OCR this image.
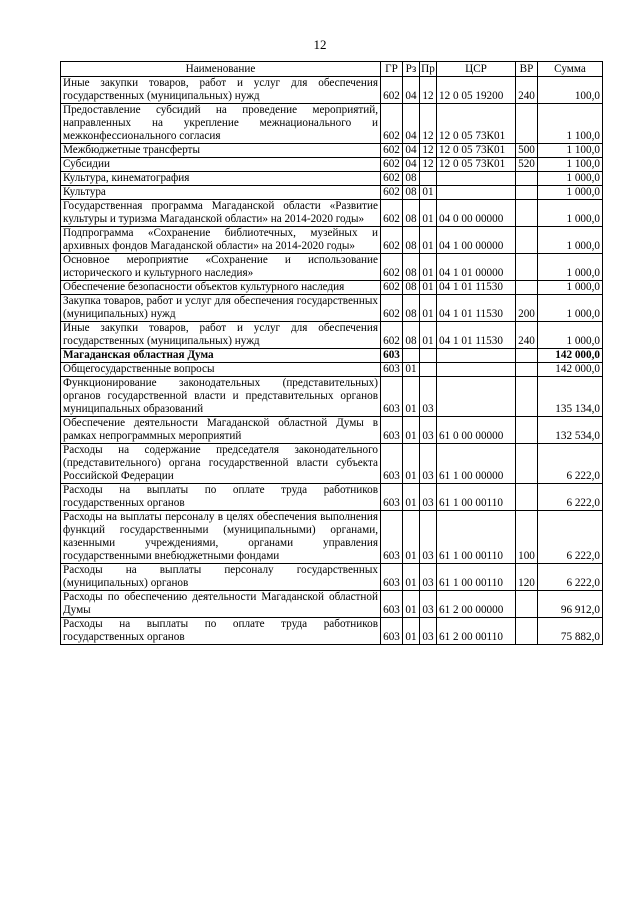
12
Наименование	ГР	Рз	Пр	ЦСР	ВР	Сумма
Иные закупки товаров, работ и услуг для обеспечения государственных (муниципальных) нужд	602	04	12	12 0 05 19200	240	100,0
Предоставление субсидий на проведение мероприятий, направленных на укрепление межнационального и межконфессионального согласия	602	04	12	12 0 05 73К01		1 100,0
Межбюджетные трансферты	602	04	12	12 0 05 73К01	500	1 100,0
Субсидии	602	04	12	12 0 05 73К01	520	1 100,0
Культура, кинематография	602	08				1 000,0
Культура	602	08	01			1 000,0
Государственная программа Магаданской области «Развитие культуры и туризма Магаданской области» на 2014-2020 годы»	602	08	01	04 0 00 00000		1 000,0
Подпрограмма «Сохранение библиотечных, музейных и архивных фондов Магаданской области» на 2014-2020 годы»	602	08	01	04 1 00 00000		1 000,0
Основное мероприятие «Сохранение и использование исторического и культурного наследия»	602	08	01	04 1 01 00000		1 000,0
Обеспечение безопасности объектов культурного наследия	602	08	01	04 1 01 11530		1 000,0
Закупка товаров, работ и услуг для обеспечения государственных (муниципальных) нужд	602	08	01	04 1 01 11530	200	1 000,0
Иные закупки товаров, работ и услуг для обеспечения государственных (муниципальных) нужд	602	08	01	04 1 01 11530	240	1 000,0
Магаданская областная Дума	603					142 000,0
Общегосударственные вопросы	603	01				142 000,0
Функционирование законодательных (представительных) органов государственной власти и представительных органов муниципальных образований	603	01	03			135 134,0
Обеспечение деятельности Магаданской областной Думы в рамках непрограммных мероприятий	603	01	03	61 0 00 00000		132 534,0
Расходы на содержание председателя законодательного (представительного) органа государственной власти субъекта Российской Федерации	603	01	03	61 1 00 00000		6 222,0
Расходы на выплаты по оплате труда работников государственных органов	603	01	03	61 1 00 00110		6 222,0
Расходы на выплаты персоналу в целях обеспечения выполнения функций государственными (муниципальными) органами, казенными учреждениями, органами управления государственными внебюджетными фондами	603	01	03	61 1 00 00110	100	6 222,0
Расходы на выплаты персоналу государственных (муниципальных) органов	603	01	03	61 1 00 00110	120	6 222,0
Расходы по обеспечению деятельности Магаданской областной Думы	603	01	03	61 2 00 00000		96 912,0
Расходы на выплаты по оплате труда работников государственных органов	603	01	03	61 2 00 00110		75 882,0
